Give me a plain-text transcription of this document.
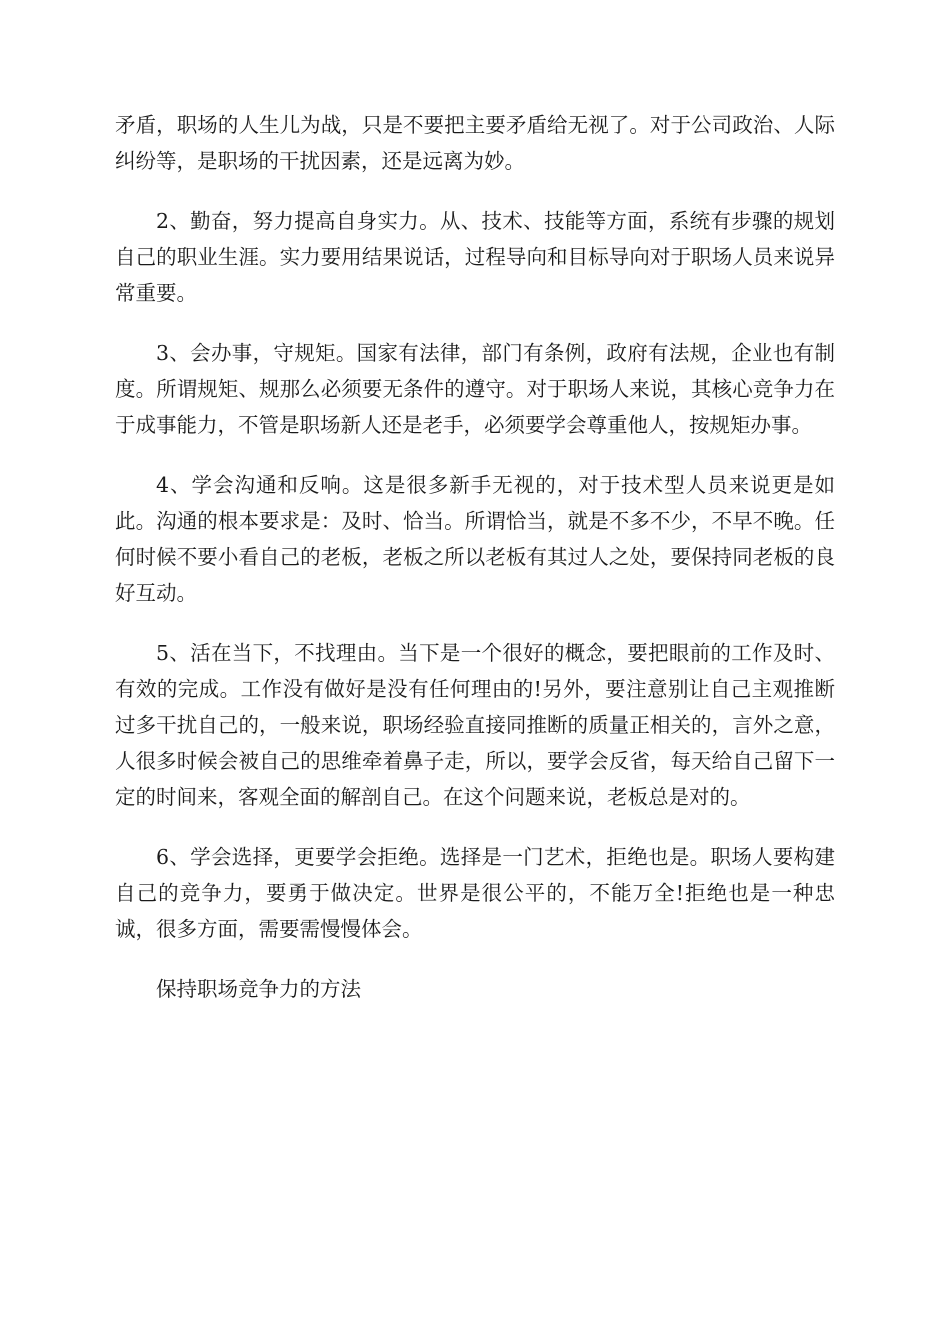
矛盾，职场的人生儿为战，只是不要把主要矛盾给无视了。对于公司政治、人际纠纷等，是职场的干扰因素，还是远离为妙。

2、勤奋，努力提高自身实力。从、技术、技能等方面，系统有步骤的规划自己的职业生涯。实力要用结果说话，过程导向和目标导向对于职场人员来说异常重要。

3、会办事，守规矩。国家有法律，部门有条例，政府有法规，企业也有制度。所谓规矩、规那么必须要无条件的遵守。对于职场人来说，其核心竞争力在于成事能力，不管是职场新人还是老手，必须要学会尊重他人，按规矩办事。

4、学会沟通和反响。这是很多新手无视的，对于技术型人员来说更是如此。沟通的根本要求是：及时、恰当。所谓恰当，就是不多不少，不早不晚。任何时候不要小看自己的老板，老板之所以老板有其过人之处，要保持同老板的良好互动。

5、活在当下，不找理由。当下是一个很好的概念，要把眼前的工作及时、有效的完成。工作没有做好是没有任何理由的!另外，要注意别让自己主观推断过多干扰自己的，一般来说，职场经验直接同推断的质量正相关的，言外之意，人很多时候会被自己的思维牵着鼻子走，所以，要学会反省，每天给自己留下一定的时间来，客观全面的解剖自己。在这个问题来说，老板总是对的。

6、学会选择，更要学会拒绝。选择是一门艺术，拒绝也是。职场人要构建自己的竞争力，要勇于做决定。世界是很公平的，不能万全!拒绝也是一种忠诚，很多方面，需要需慢慢体会。

保持职场竞争力的方法
